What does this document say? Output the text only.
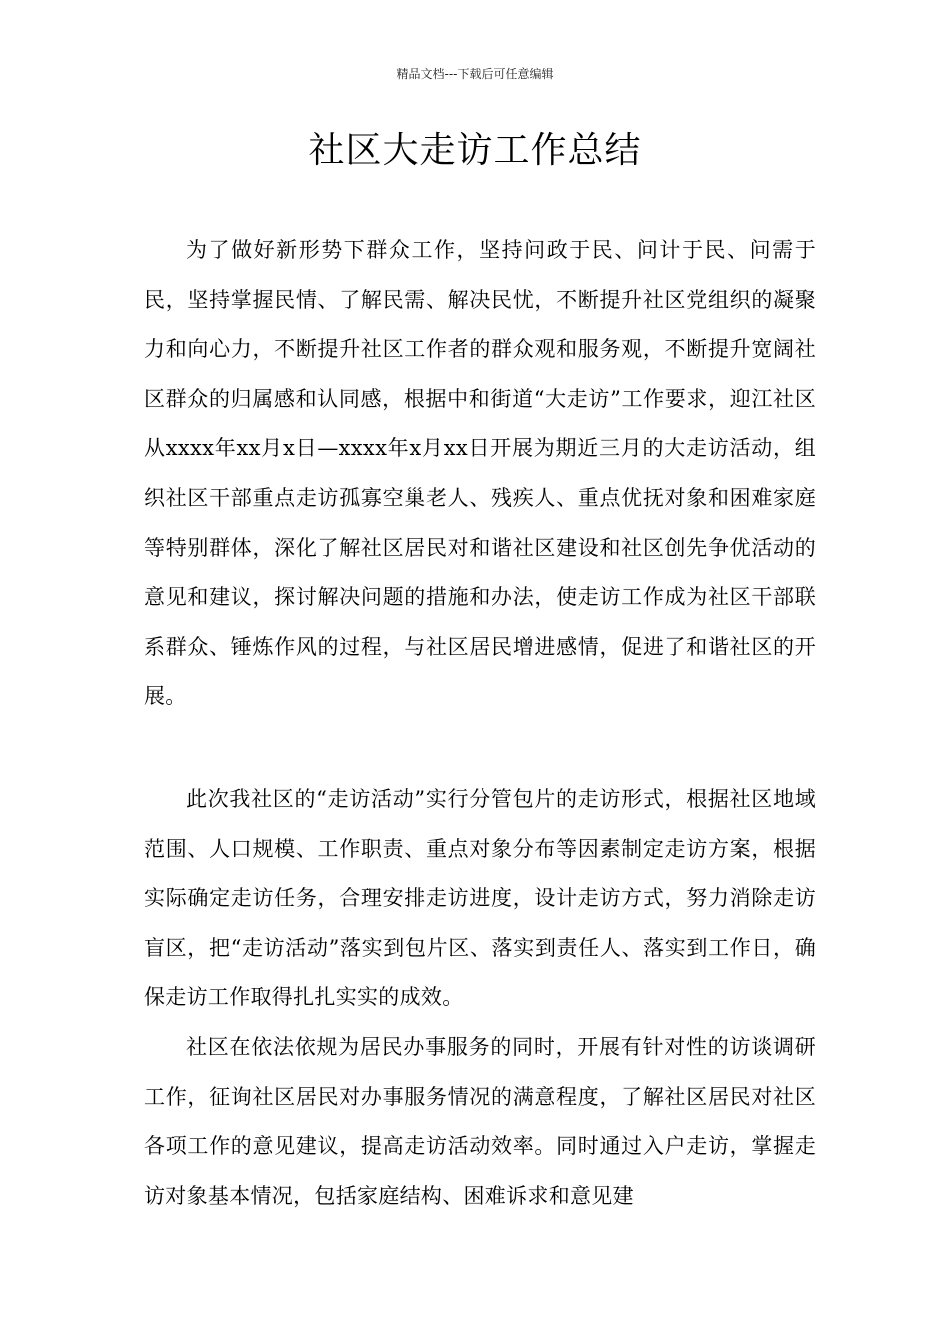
精品文档---下载后可任意编辑
社区大走访工作总结

为了做好新形势下群众工作，坚持问政于民、问计于民、问需于民，坚持掌握民情、了解民需、解决民忧，不断提升社区党组织的凝聚力和向心力，不断提升社区工作者的群众观和服务观，不断提升宽阔社区群众的归属感和认同感，根据中和街道“大走访”工作要求，迎江社区从xxxx年xx月x日—xxxx年x月xx日开展为期近三月的大走访活动，组织社区干部重点走访孤寡空巢老人、残疾人、重点优抚对象和困难家庭等特别群体，深化了解社区居民对和谐社区建设和社区创先争优活动的意见和建议，探讨解决问题的措施和办法，使走访工作成为社区干部联系群众、锤炼作风的过程，与社区居民增进感情，促进了和谐社区的开展。

此次我社区的“走访活动”实行分管包片的走访形式，根据社区地域范围、人口规模、工作职责、重点对象分布等因素制定走访方案，根据实际确定走访任务，合理安排走访进度，设计走访方式，努力消除走访盲区，把“走访活动”落实到包片区、落实到责任人、落实到工作日，确保走访工作取得扎扎实实的成效。

社区在依法依规为居民办事服务的同时，开展有针对性的访谈调研工作，征询社区居民对办事服务情况的满意程度，了解社区居民对社区各项工作的意见建议，提高走访活动效率。同时通过入户走访，掌握走访对象基本情况，包括家庭结构、困难诉求和意见建
